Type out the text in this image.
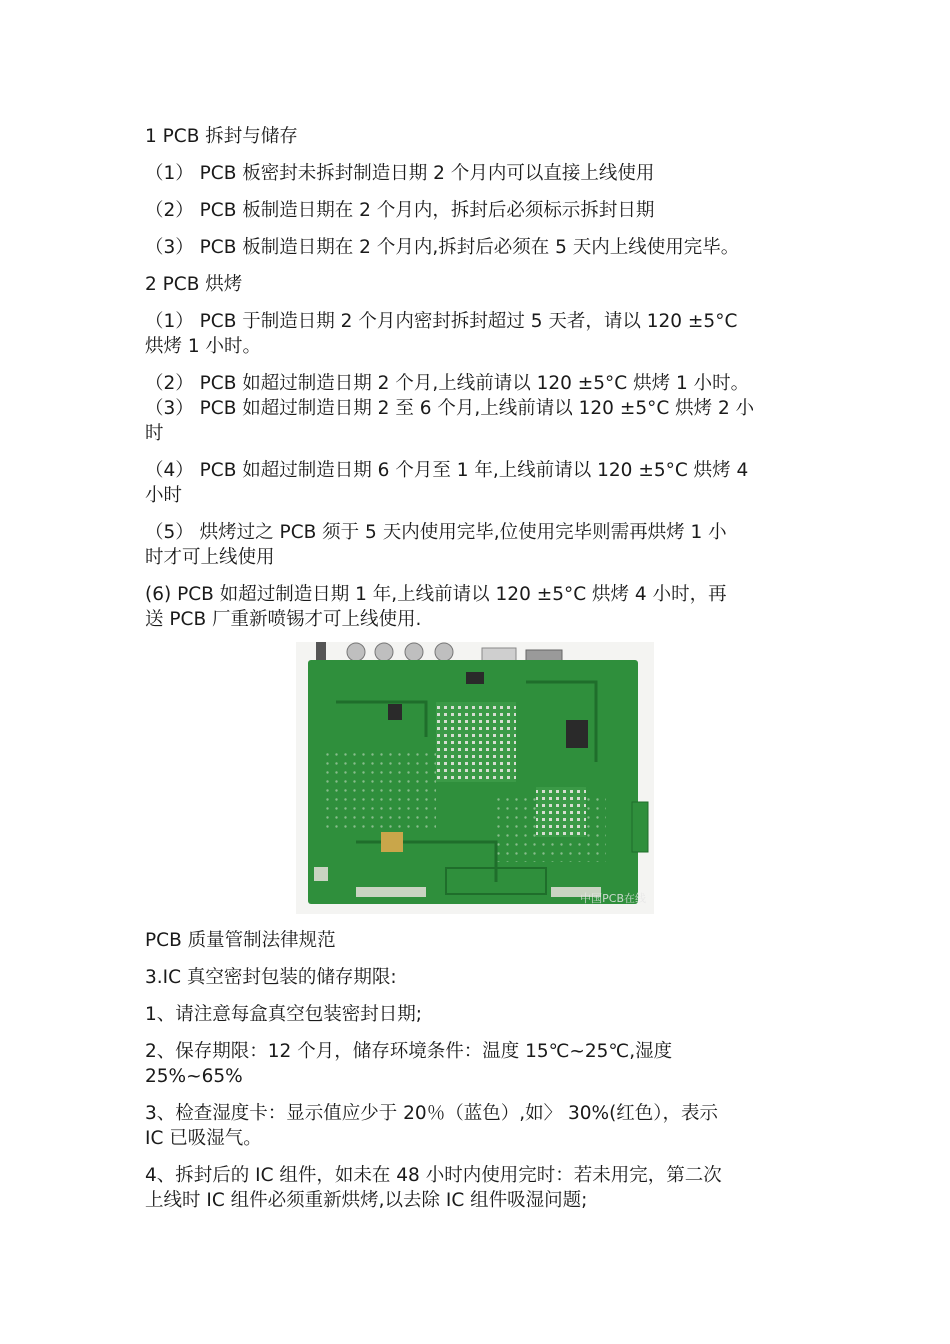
1 PCB 拆封与储存
（1） PCB 板密封未拆封制造日期 2 个月内可以直接上线使用
（2） PCB 板制造日期在 2 个月内，拆封后必须标示拆封日期
（3） PCB 板制造日期在 2 个月内,拆封后必须在 5 天内上线使用完毕。
2 PCB 烘烤
（1） PCB 于制造日期 2 个月内密封拆封超过 5 天者，请以 120 ±5°C
烘烤 1 小时。
（2） PCB 如超过制造日期 2 个月,上线前请以 120 ±5°C 烘烤 1 小时。
（3） PCB 如超过制造日期 2 至 6 个月,上线前请以 120 ±5°C 烘烤 2 小
时
（4） PCB 如超过制造日期 6 个月至 1 年,上线前请以 120 ±5°C 烘烤 4
小时
（5） 烘烤过之 PCB 须于 5 天内使用完毕,位使用完毕则需再烘烤 1 小
时才可上线使用
(6) PCB 如超过制造日期 1 年,上线前请以 120 ±5°C 烘烤 4 小时，再
送 PCB 厂重新喷锡才可上线使用.
中国PCB在线
PCB 质量管制法律规范
3.IC 真空密封包装的储存期限:
1、请注意每盒真空包装密封日期;
2、保存期限：12 个月，储存环境条件：温度 15℃~25℃,湿度
25%~65%
3、检查湿度卡：显示值应少于 20％（蓝色）,如〉 30%(红色），表示
IC 已吸湿气。
4、拆封后的 IC 组件，如未在 48 小时内使用完时：若未用完，第二次
上线时 IC 组件必须重新烘烤,以去除 IC 组件吸湿问题;
